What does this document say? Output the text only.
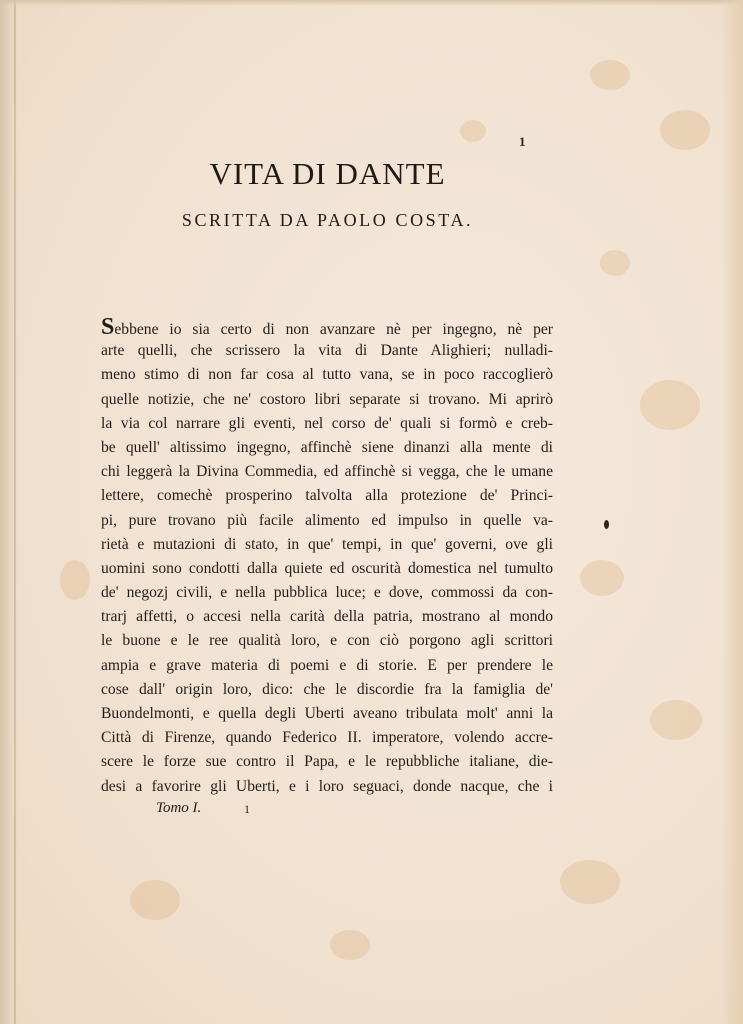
1
VITA DI DANTE
SCRITTA DA PAOLO COSTA.
Sebbene io sia certo di non avanzare nè per ingegno, nè per
arte quelli, che scrissero la vita di Dante Alighieri; nulladi-
meno stimo di non far cosa al tutto vana, se in poco raccoglierò
quelle notizie, che ne' costoro libri separate si trovano. Mi aprirò
la via col narrare gli eventi, nel corso de' quali si formò e creb-
be quell' altissimo ingegno, affinchè siene dinanzi alla mente di
chi leggerà la Divina Commedia, ed affinchè si vegga, che le umane
lettere, comechè prosperino talvolta alla protezione de' Princi-
pi, pure trovano più facile alimento ed impulso in quelle va-
rietà e mutazioni di stato, in que' tempi, in que' governi, ove gli
uomini sono condotti dalla quiete ed oscurità domestica nel tumulto
de' negozj civili, e nella pubblica luce; e dove, commossi da con-
trarj affetti, o accesi nella carità della patria, mostrano al mondo
le buone e le ree qualità loro, e con ciò porgono agli scrittori
ampia e grave materia di poemi e di storie. E per prendere le
cose dall' origin loro, dico: che le discordie fra la famiglia de'
Buondelmonti, e quella degli Uberti aveano tribulata molt' anni la
Città di Firenze, quando Federico II. imperatore, volendo accre-
scere le forze sue contro il Papa, e le repubbliche italiane, die-
desi a favorire gli Uberti, e i loro seguaci, donde nacque, che i
Tomo I.	1
